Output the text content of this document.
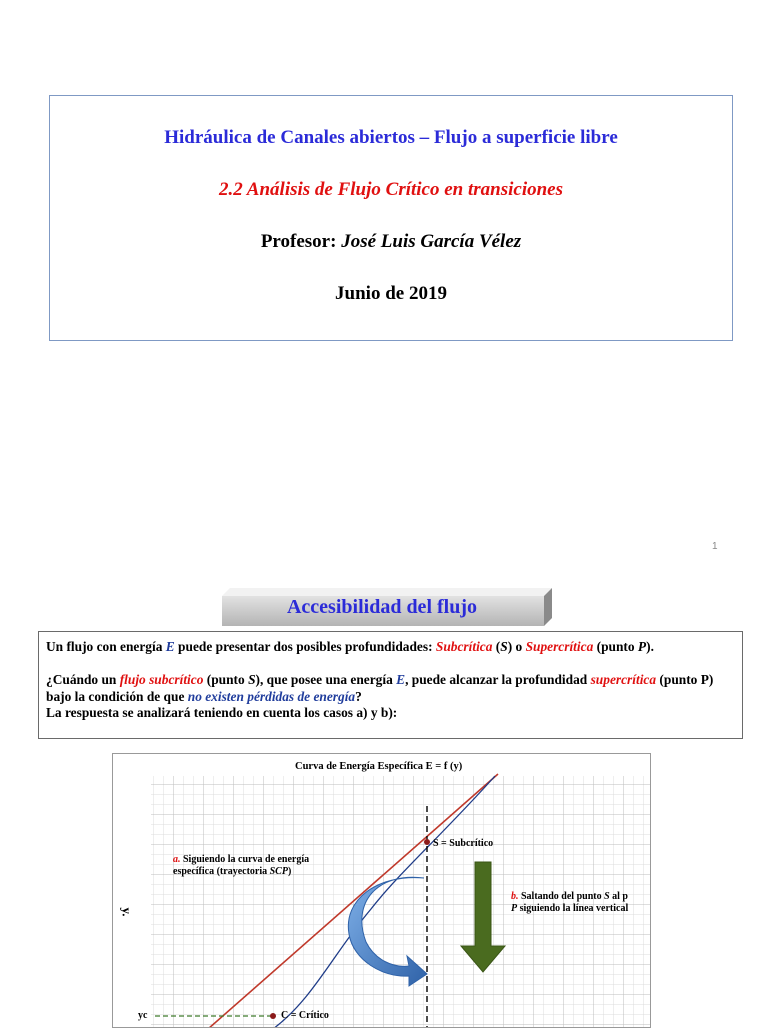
Hidráulica de Canales abiertos – Flujo a superficie libre
2.2 Análisis de Flujo Crítico en transiciones
Profesor: José Luis García Vélez
Junio de 2019
1
Accesibilidad del flujo
Un flujo con energía E puede presentar dos posibles profundidades: Subcrítica (S) o Supercrítica (punto P).
¿Cuándo un flujo subcrítico (punto S), que posee una energía E, puede alcanzar la profundidad supercrítica (punto P) bajo la condición de que no existen pérdidas de energía?
La respuesta se analizará teniendo en cuenta los casos a) y b):
Curva de Energía Específica E = f (y)
S = Subcrítico
C = Crítico
yc
y.
a. Siguiendo la curva de energía
específica (trayectoria SCP)
b. Saltando del punto S al p
P siguiendo la línea vertical
